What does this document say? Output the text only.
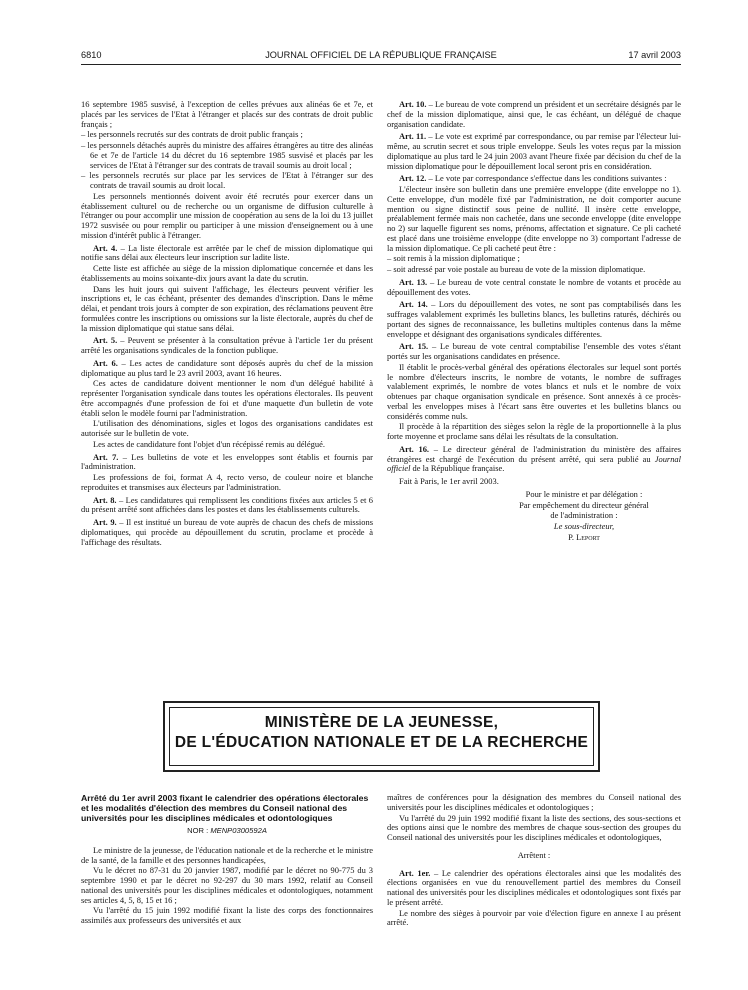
6810	JOURNAL OFFICIEL DE LA RÉPUBLIQUE FRANÇAISE	17 avril 2003

16 septembre 1985 susvisé, à l'exception de celles prévues aux alinéas 6e et 7e, et placés par les services de l'Etat à l'étranger et placés sur des contrats de droit public français ;

– les personnels recrutés sur des contrats de droit public français ;

– les personnels détachés auprès du ministre des affaires étrangères au titre des alinéas 6e et 7e de l'article 14 du décret du 16 septembre 1985 susvisé et placés par les services de l'Etat à l'étranger sur des contrats de travail soumis au droit local ;

– les personnels recrutés sur place par les services de l'Etat à l'étranger sur des contrats de travail soumis au droit local.

Les personnels mentionnés doivent avoir été recrutés pour exercer dans un établissement culturel ou de recherche ou un organisme de diffusion culturelle à l'étranger ou pour accomplir une mission de coopération au sens de la loi du 13 juillet 1972 susvisée ou pour remplir ou participer à une mission d'enseignement ou à une mission d'intérêt public à l'étranger.

Art. 4. – La liste électorale est arrêtée par le chef de mission diplomatique qui notifie sans délai aux électeurs leur inscription sur ladite liste.

Cette liste est affichée au siège de la mission diplomatique concernée et dans les établissements au moins soixante-dix jours avant la date du scrutin.

Dans les huit jours qui suivent l'affichage, les électeurs peuvent vérifier les inscriptions et, le cas échéant, présenter des demandes d'inscription. Dans le même délai, et pendant trois jours à compter de son expiration, des réclamations peuvent être formulées contre les inscriptions ou omissions sur la liste électorale, auprès du chef de la mission diplomatique qui statue sans délai.

Art. 5. – Peuvent se présenter à la consultation prévue à l'article 1er du présent arrêté les organisations syndicales de la fonction publique.

Art. 6. – Les actes de candidature sont déposés auprès du chef de la mission diplomatique au plus tard le 23 avril 2003, avant 16 heures.

Ces actes de candidature doivent mentionner le nom d'un délégué habilité à représenter l'organisation syndicale dans toutes les opérations électorales. Ils peuvent être accompagnés d'une profession de foi et d'une maquette d'un bulletin de vote établi selon le modèle fourni par l'administration.

L'utilisation des dénominations, sigles et logos des organisations candidates est autorisée sur le bulletin de vote.

Les actes de candidature font l'objet d'un récépissé remis au délégué.

Art. 7. – Les bulletins de vote et les enveloppes sont établis et fournis par l'administration.

Les professions de foi, format A 4, recto verso, de couleur noire et blanche reproduites et transmises aux électeurs par l'administration.

Art. 8. – Les candidatures qui remplissent les conditions fixées aux articles 5 et 6 du présent arrêté sont affichées dans les postes et dans les établissements culturels.

Art. 9. – Il est institué un bureau de vote auprès de chacun des chefs de missions diplomatiques, qui procède au dépouillement du scrutin, proclame et procède à l'affichage des résultats.

Art. 10. – Le bureau de vote comprend un président et un secrétaire désignés par le chef de la mission diplomatique, ainsi que, le cas échéant, un délégué de chaque organisation candidate.

Art. 11. – Le vote est exprimé par correspondance, ou par remise par l'électeur lui-même, au scrutin secret et sous triple enveloppe. Seuls les votes reçus par la mission diplomatique au plus tard le 24 juin 2003 avant l'heure fixée par décision du chef de la mission diplomatique pour le dépouillement local seront pris en considération.

Art. 12. – Le vote par correspondance s'effectue dans les conditions suivantes :

L'électeur insère son bulletin dans une première enveloppe (dite enveloppe no 1). Cette enveloppe, d'un modèle fixé par l'administration, ne doit comporter aucune mention ou signe distinctif sous peine de nullité. Il insère cette enveloppe, préalablement fermée mais non cachetée, dans une seconde enveloppe (dite enveloppe no 2) sur laquelle figurent ses noms, prénoms, affectation et signature. Ce pli cacheté est placé dans une troisième enveloppe (dite enveloppe no 3) comportant l'adresse de la mission diplomatique. Ce pli cacheté peut être :

– soit remis à la mission diplomatique ;

– soit adressé par voie postale au bureau de vote de la mission diplomatique.

Art. 13. – Le bureau de vote central constate le nombre de votants et procède au dépouillement des votes.

Art. 14. – Lors du dépouillement des votes, ne sont pas comptabilisés dans les suffrages valablement exprimés les bulletins blancs, les bulletins raturés, déchirés ou portant des signes de reconnaissance, les bulletins multiples contenus dans la même enveloppe et désignant des organisations syndicales différentes.

Art. 15. – Le bureau de vote central comptabilise l'ensemble des votes s'étant portés sur les organisations candidates en présence.

Il établit le procès-verbal général des opérations électorales sur lequel sont portés le nombre d'électeurs inscrits, le nombre de votants, le nombre de suffrages valablement exprimés, le nombre de votes blancs et nuls et le nombre de voix obtenues par chaque organisation syndicale en présence. Sont annexés à ce procès-verbal les enveloppes mises à l'écart sans être ouvertes et les bulletins blancs ou considérés comme nuls.

Il procède à la répartition des sièges selon la règle de la proportionnelle à la plus forte moyenne et proclame sans délai les résultats de la consultation.

Art. 16. – Le directeur général de l'administration du ministère des affaires étrangères est chargé de l'exécution du présent arrêté, qui sera publié au Journal officiel de la République française.

Fait à Paris, le 1er avril 2003.

Pour le ministre et par délégation :

Par empêchement du directeur général

de l'administration :

Le sous-directeur,

P. Leport

MINISTÈRE DE LA JEUNESSE,
DE L'ÉDUCATION NATIONALE ET DE LA RECHERCHE

Arrêté du 1er avril 2003 fixant le calendrier des opérations électorales et les modalités d'élection des membres du Conseil national des universités pour les disciplines médicales et odontologiques

NOR : MENP0300592A

Le ministre de la jeunesse, de l'éducation nationale et de la recherche et le ministre de la santé, de la famille et des personnes handicapées,

Vu le décret no 87-31 du 20 janvier 1987, modifié par le décret no 90-775 du 3 septembre 1990 et par le décret no 92-297 du 30 mars 1992, relatif au Conseil national des universités pour les disciplines médicales et odontologiques, notamment ses articles 4, 5, 8, 15 et 16 ;

Vu l'arrêté du 15 juin 1992 modifié fixant la liste des corps des fonctionnaires assimilés aux professeurs des universités et aux

maîtres de conférences pour la désignation des membres du Conseil national des universités pour les disciplines médicales et odontologiques ;

Vu l'arrêté du 29 juin 1992 modifié fixant la liste des sections, des sous-sections et des options ainsi que le nombre des membres de chaque sous-section des groupes du Conseil national des universités pour les disciplines médicales et odontologiques,

Arrêtent :

Art. 1er. – Le calendrier des opérations électorales ainsi que les modalités des élections organisées en vue du renouvellement partiel des membres du Conseil national des universités pour les disciplines médicales et odontologiques sont fixés par le présent arrêté.

Le nombre des sièges à pourvoir par voie d'élection figure en annexe I au présent arrêté.
